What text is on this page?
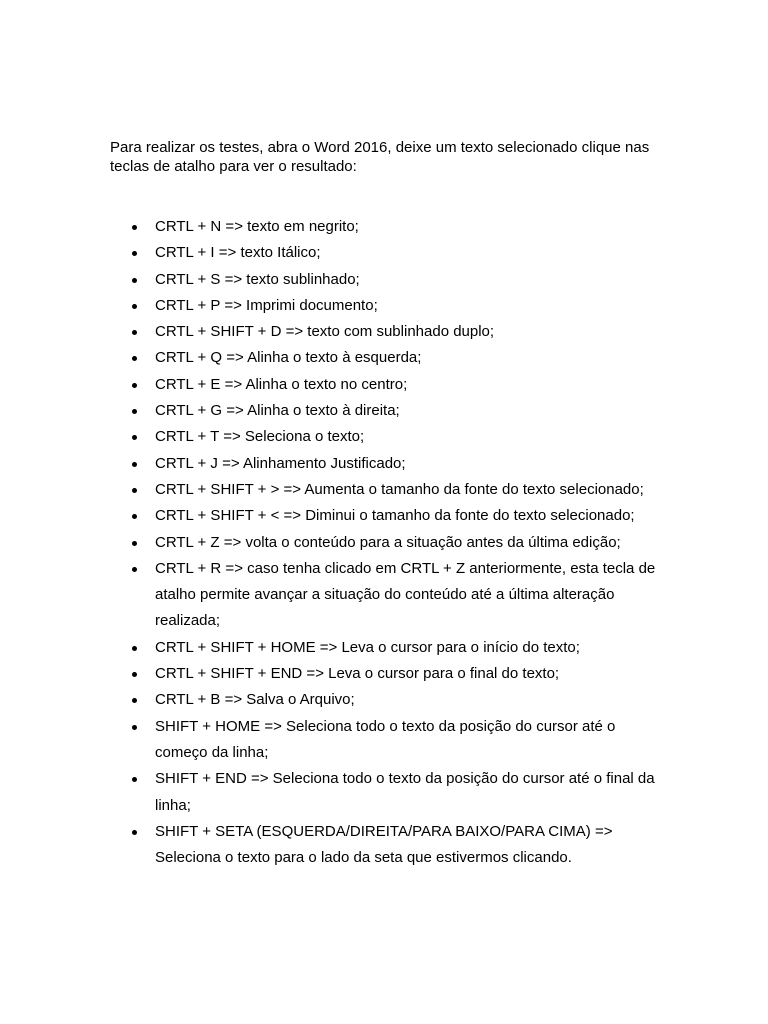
Para realizar os testes, abra o Word 2016, deixe um texto selecionado clique nas teclas de atalho para ver o resultado:

CRTL + N => texto em negrito;
CRTL + I => texto Itálico;
CRTL + S => texto sublinhado;
CRTL + P => Imprimi documento;
CRTL + SHIFT + D => texto com sublinhado duplo;
CRTL + Q => Alinha o texto à esquerda;
CRTL + E => Alinha o texto no centro;
CRTL + G => Alinha o texto à direita;
CRTL + T => Seleciona o texto;
CRTL + J => Alinhamento Justificado;
CRTL + SHIFT + > => Aumenta o tamanho da fonte do texto selecionado;
CRTL + SHIFT + < => Diminui o tamanho da fonte do texto selecionado;
CRTL + Z => volta o conteúdo para a situação antes da última edição;
CRTL + R => caso tenha clicado em CRTL + Z anteriormente, esta tecla de atalho permite avançar a situação do conteúdo até a última alteração realizada;
CRTL + SHIFT + HOME => Leva o cursor para o início do texto;
CRTL + SHIFT + END => Leva o cursor para o final do texto;
CRTL + B => Salva o Arquivo;
SHIFT + HOME => Seleciona todo o texto da posição do cursor até o começo da linha;
SHIFT + END => Seleciona todo o texto da posição do cursor até o final da linha;
SHIFT + SETA (ESQUERDA/DIREITA/PARA BAIXO/PARA CIMA) => Seleciona o texto para o lado da seta que estivermos clicando.
